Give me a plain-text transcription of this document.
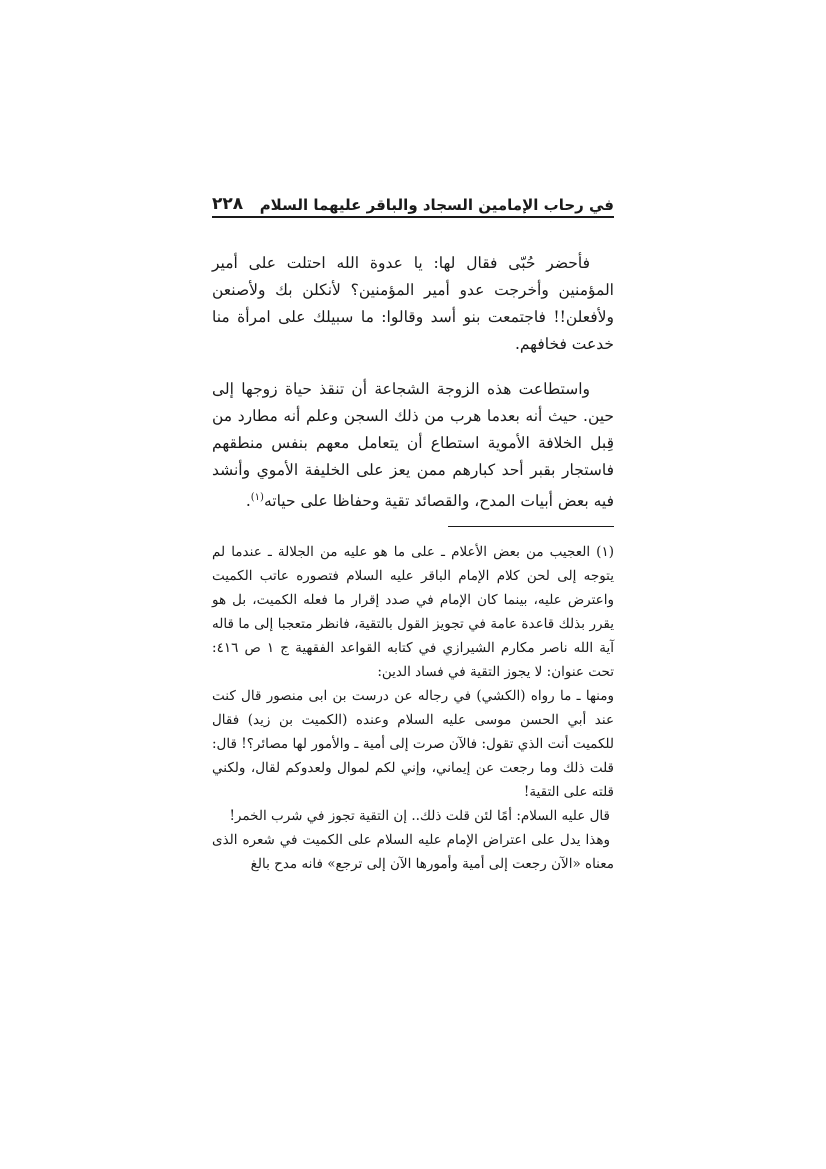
في رحاب الإمامين السجاد والباقر عليهما السلام
٢٢٨

فأحضر حُبّى فقال لها: يا عدوة الله احتلت على أمير المؤمنين وأخرجت عدو أمير المؤمنين؟ لأنكلن بك ولأصنعن ولأفعلن!! فاجتمعت بنو أسد وقالوا: ما سبيلك على امرأة منا خدعت فخافهم.

واستطاعت هذه الزوجة الشجاعة أن تنقذ حياة زوجها إلى حين. حيث أنه بعدما هرب من ذلك السجن وعلم أنه مطارد من قِبل الخلافة الأموية استطاع أن يتعامل معهم بنفس منطقهم فاستجار بقبر أحد كبارهم ممن يعز على الخليفة الأموي وأنشد فيه بعض أبيات المدح، والقصائد تقية وحفاظا على حياته$^{(١)}$.

(١) العجيب من بعض الأعلام ـ على ما هو عليه من الجلالة ـ عندما لم يتوجه إلى لحن كلام الإمام الباقر عليه السلام فتصوره عاتب الكميت واعترض عليه، بينما كان الإمام في صدد إقرار ما فعله الكميت، بل هو يقرر بذلك قاعدة عامة في تجويز القول بالتقية، فانظر متعجبا إلى ما قاله آية الله ناصر مكارم الشيرازي في كتابه القواعد الفقهية ج ١ ص ٤١٦: تحت عنوان: لا يجوز التقية في فساد الدين:

ومنها ـ ما رواه (الكشي) في رجاله عن درست بن ابى منصور قال كنت عند أبي الحسن موسى عليه السلام وعنده (الكميت بن زيد) فقال للكميت أنت الذي تقول: فالآن صرت إلى أمية ـ والأمور لها مصائر؟! قال: قلت ذلك وما رجعت عن إيماني، وإني لكم لموال ولعدوكم لقال، ولكني قلته على التقية!

قال عليه السلام: أمًا لئن قلت ذلك.. إن التقية تجوز في شرب الخمر!

وهذا يدل على اعتراض الإمام عليه السلام على الكميت في شعره الذى معناه «الآن رجعت إلى أمية وأمورها الآن إلى ترجع» فانه مدح بالغ
